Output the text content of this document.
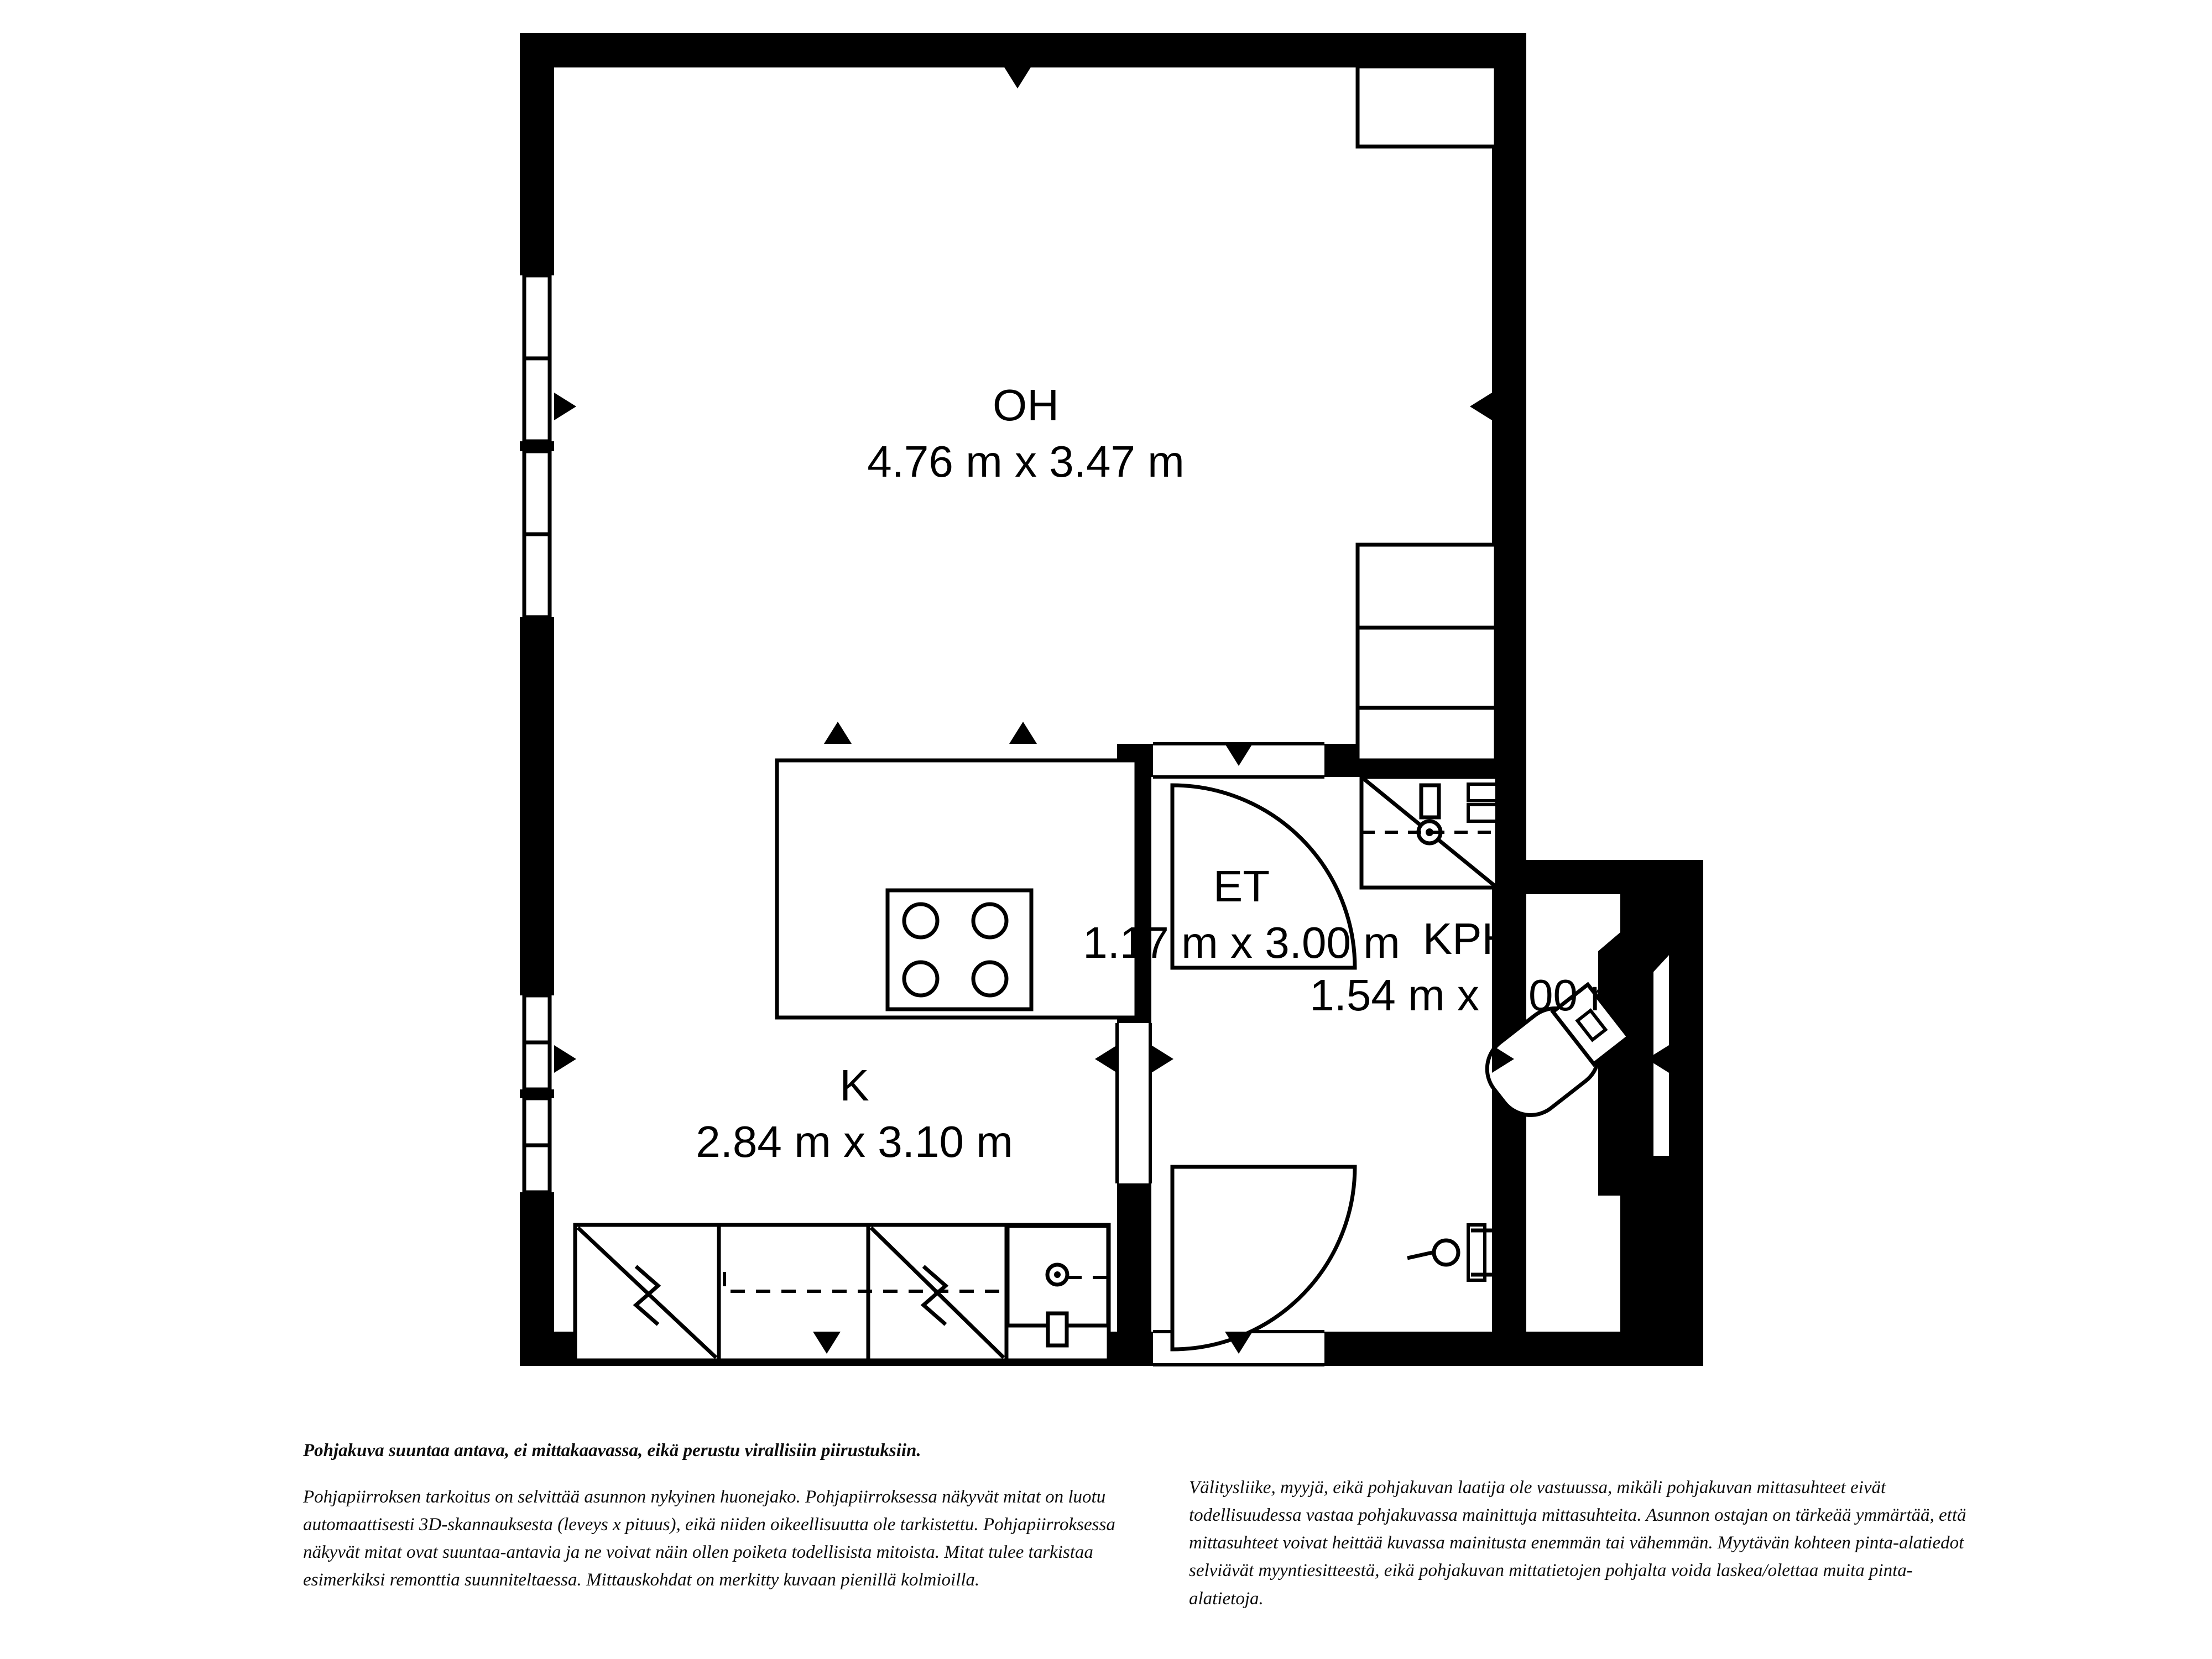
OH
4.76 m x 3.47 m
K
2.84 m x 3.10 m
ET
1.17 m x 3.00 m KPH
1.54 m x 3.00 m

Pohjakuva suuntaa antava, ei mittakaavassa, eikä perustu virallisiin piirustuksiin.

Pohjapiirroksen tarkoitus on selvittää asunnon nykyinen huonejako. Pohjapiirroksessa näkyvät mitat on luotu automaattisesti 3D-skannauksesta (leveys x pituus), eikä niiden oikeellisuutta ole tarkistettu. Pohjapiirroksessa näkyvät mitat ovat suuntaa-antavia ja ne voivat näin ollen poiketa todellisista mitoista. Mitat tulee tarkistaa esimerkiksi remonttia suunniteltaessa. Mittauskohdat on merkitty kuvaan pienillä kolmioilla.

Välitysliike, myyjä, eikä pohjakuvan laatija ole vastuussa, mikäli pohjakuvan mittasuhteet eivät todellisuudessa vastaa pohjakuvassa mainittuja mittasuhteita. Asunnon ostajan on tärkeää ymmärtää, että mittasuhteet voivat heittää kuvassa mainitusta enemmän tai vähemmän. Myytävän kohteen pinta-alatiedot selviävät myyntiesitteestä, eikä pohjakuvan mittatietojen pohjalta voida laskea/olettaa muita pinta-alatietoja.
